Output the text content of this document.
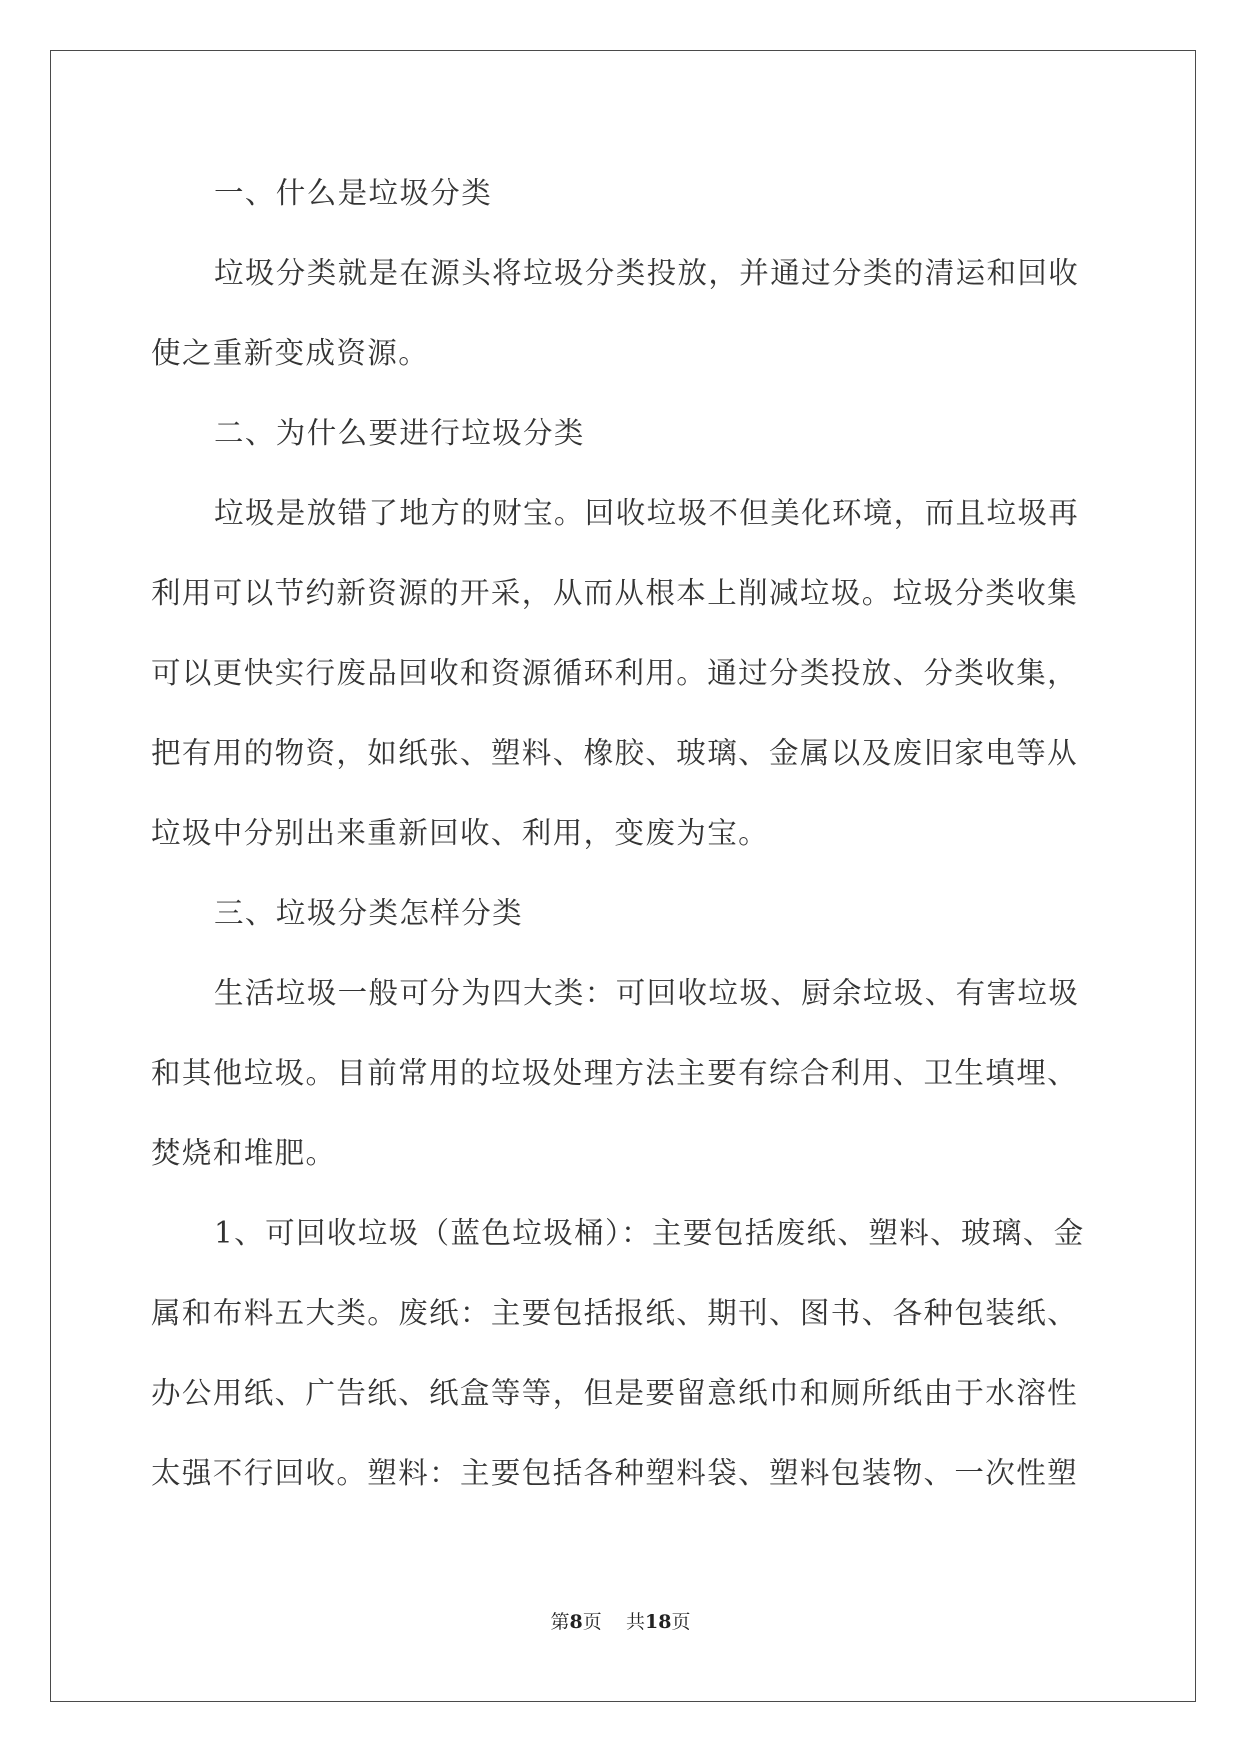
一、什么是垃圾分类
垃圾分类就是在源头将垃圾分类投放，并通过分类的清运和回收
使之重新变成资源。
二、为什么要进行垃圾分类
垃圾是放错了地方的财宝。回收垃圾不但美化环境，而且垃圾再
利用可以节约新资源的开采，从而从根本上削减垃圾。垃圾分类收集
可以更快实行废品回收和资源循环利用。通过分类投放、分类收集，
把有用的物资，如纸张、塑料、橡胶、玻璃、金属以及废旧家电等从
垃圾中分别出来重新回收、利用，变废为宝。
三、垃圾分类怎样分类
生活垃圾一般可分为四大类：可回收垃圾、厨余垃圾、有害垃圾
和其他垃圾。目前常用的垃圾处理方法主要有综合利用、卫生填埋、
焚烧和堆肥。
1、可回收垃圾（蓝色垃圾桶）：主要包括废纸、塑料、玻璃、金
属和布料五大类。废纸：主要包括报纸、期刊、图书、各种包装纸、
办公用纸、广告纸、纸盒等等，但是要留意纸巾和厕所纸由于水溶性
太强不行回收。塑料：主要包括各种塑料袋、塑料包装物、一次性塑
第8页 共18页
